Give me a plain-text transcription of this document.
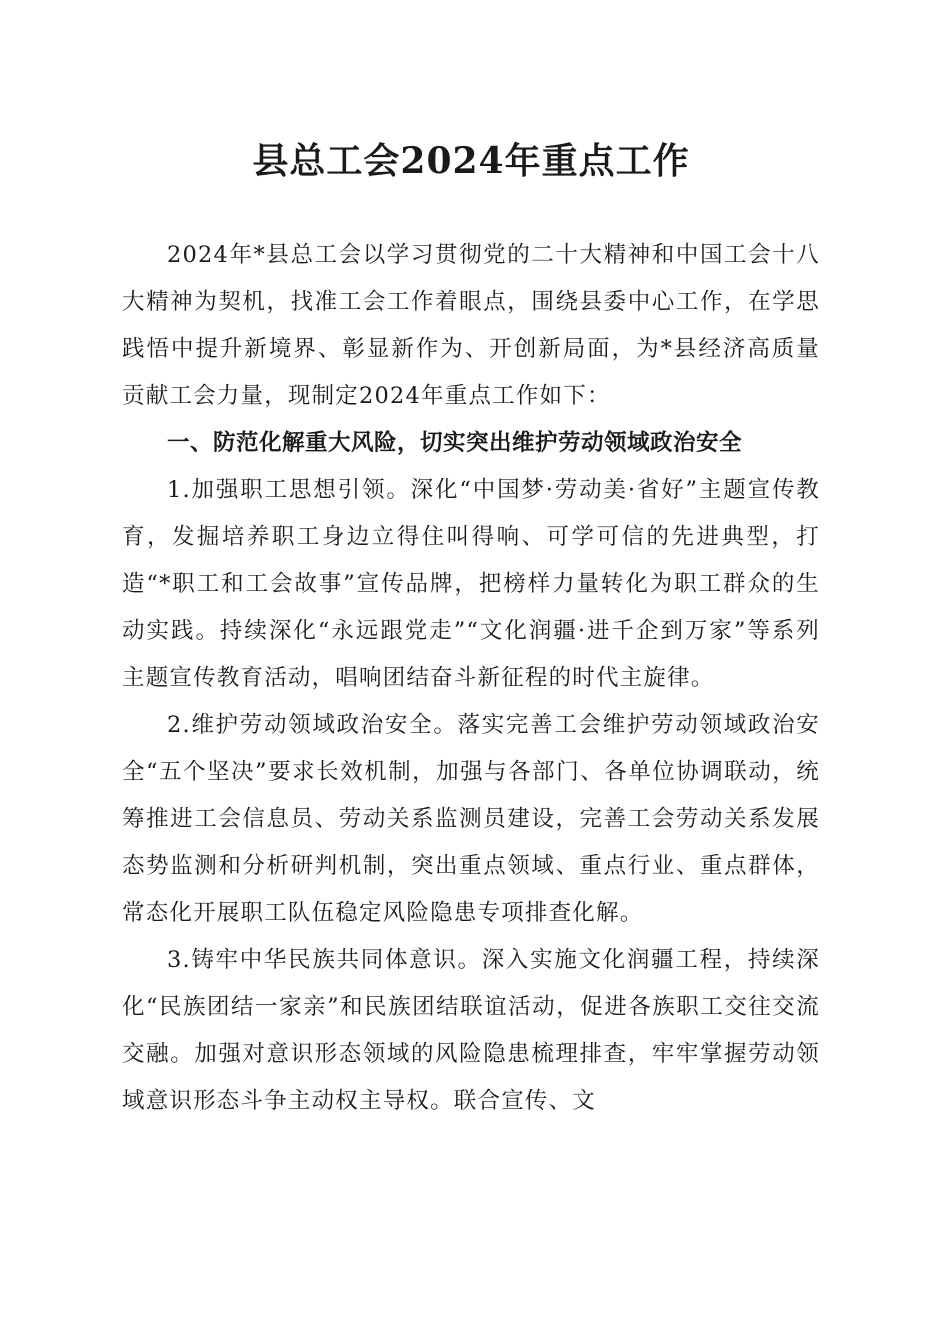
县总工会2024年重点工作

2024年*县总工会以学习贯彻党的二十大精神和中国工会十八大精神为契机，找准工会工作着眼点，围绕县委中心工作，在学思践悟中提升新境界、彰显新作为、开创新局面，为*县经济高质量贡献工会力量，现制定2024年重点工作如下：

一、防范化解重大风险，切实突出维护劳动领域政治安全

1.加强职工思想引领。深化“中国梦·劳动美·省好”主题宣传教育，发掘培养职工身边立得住叫得响、可学可信的先进典型，打造“*职工和工会故事”宣传品牌，把榜样力量转化为职工群众的生动实践。持续深化“永远跟党走”“文化润疆·进千企到万家”等系列主题宣传教育活动，唱响团结奋斗新征程的时代主旋律。

2.维护劳动领域政治安全。落实完善工会维护劳动领域政治安全“五个坚决”要求长效机制，加强与各部门、各单位协调联动，统筹推进工会信息员、劳动关系监测员建设，完善工会劳动关系发展态势监测和分析研判机制，突出重点领域、重点行业、重点群体，常态化开展职工队伍稳定风险隐患专项排查化解。

3.铸牢中华民族共同体意识。深入实施文化润疆工程，持续深化“民族团结一家亲”和民族团结联谊活动，促进各族职工交往交流交融。加强对意识形态领域的风险隐患梳理排查，牢牢掌握劳动领域意识形态斗争主动权主导权。联合宣传、文
